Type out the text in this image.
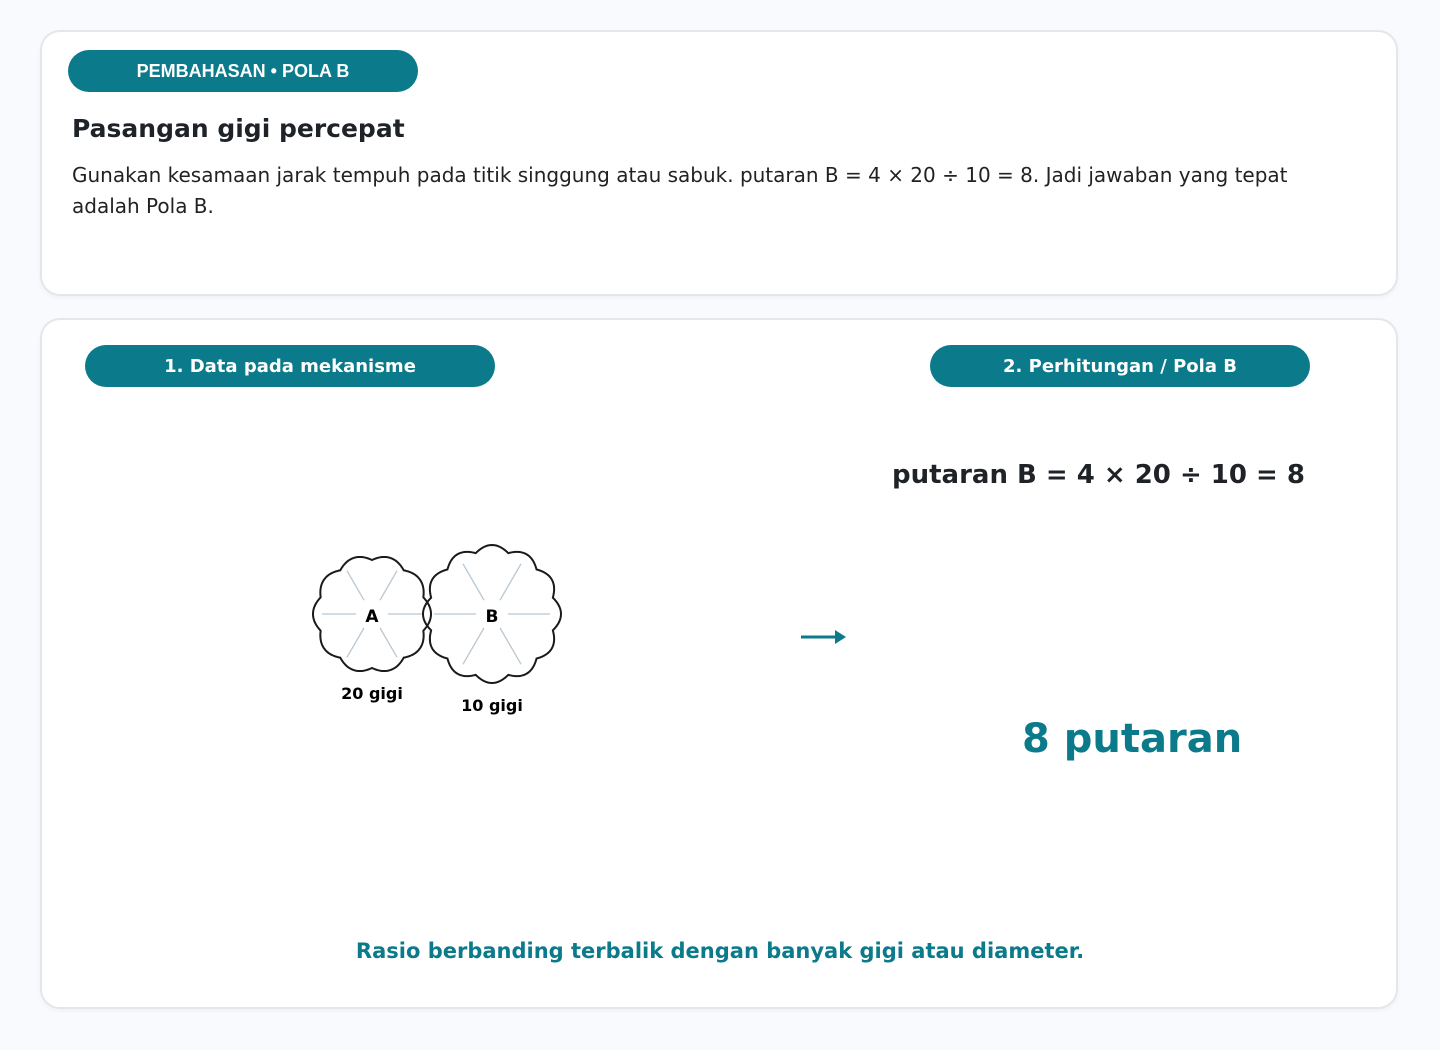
PEMBAHASAN • POLA B
Pasangan gigi percepat

Gunakan kesamaan jarak tempuh pada titik singgung atau sabuk. putaran B = 4 × 20 ÷ 10 = 8. Jadi jawaban yang tepat adalah Pola B.

1. Data pada mekanisme	2. Perhitungan / Pola B
A	B
20 gigi
10 gigi
putaran B = 4 × 20 ÷ 10 = 8
8 putaran
Rasio berbanding terbalik dengan banyak gigi atau diameter.
